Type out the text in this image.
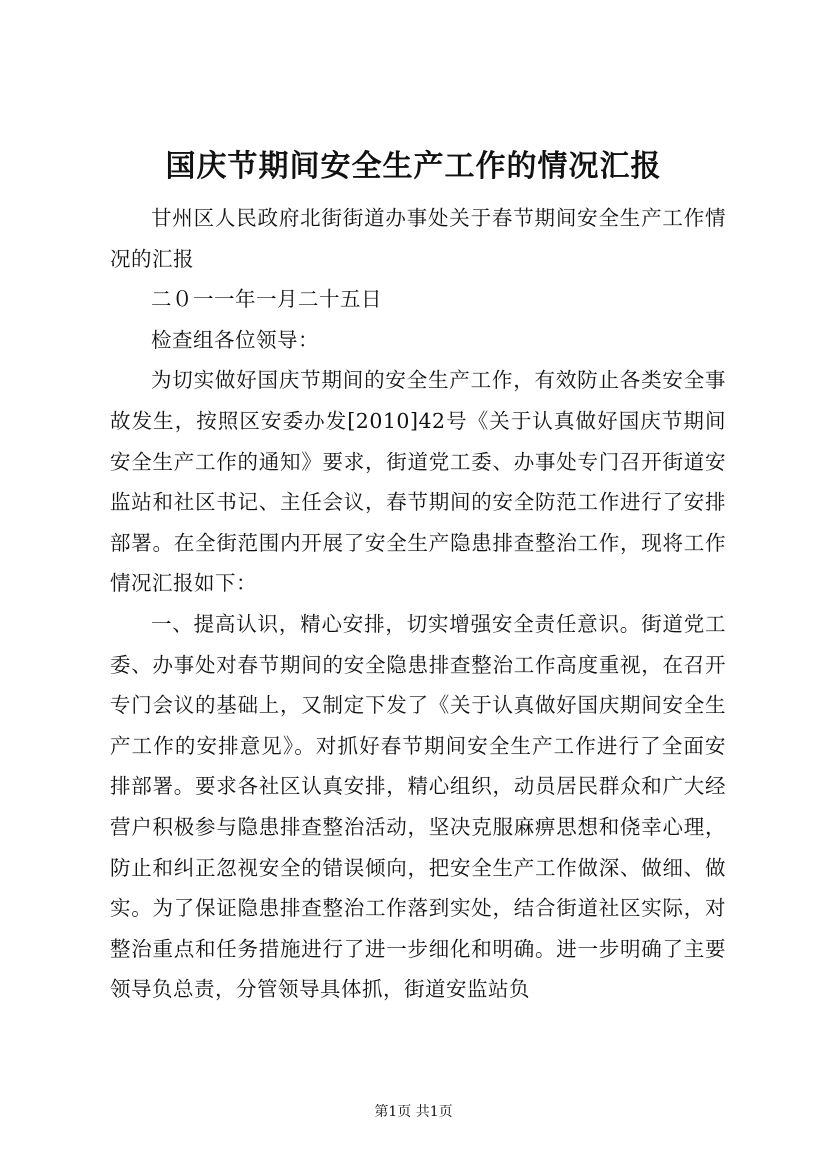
国庆节期间安全生产工作的情况汇报

甘州区人民政府北街街道办事处关于春节期间安全生产工作情况的汇报

二０一一年一月二十五日

检查组各位领导：

为切实做好国庆节期间的安全生产工作，有效防止各类安全事故发生，按照区安委办发[2010]42号《关于认真做好国庆节期间安全生产工作的通知》要求，街道党工委、办事处专门召开街道安监站和社区书记、主任会议，春节期间的安全防范工作进行了安排部署。在全街范围内开展了安全生产隐患排查整治工作，现将工作情况汇报如下：

一、提高认识，精心安排，切实增强安全责任意识。街道党工委、办事处对春节期间的安全隐患排查整治工作高度重视，在召开专门会议的基础上，又制定下发了《关于认真做好国庆期间安全生产工作的安排意见》。对抓好春节期间安全生产工作进行了全面安排部署。要求各社区认真安排，精心组织，动员居民群众和广大经营户积极参与隐患排查整治活动，坚决克服麻痹思想和侥幸心理，防止和纠正忽视安全的错误倾向，把安全生产工作做深、做细、做实。为了保证隐患排查整治工作落到实处，结合街道社区实际，对整治重点和任务措施进行了进一步细化和明确。进一步明确了主要领导负总责，分管领导具体抓，街道安监站负

第1页 共1页
